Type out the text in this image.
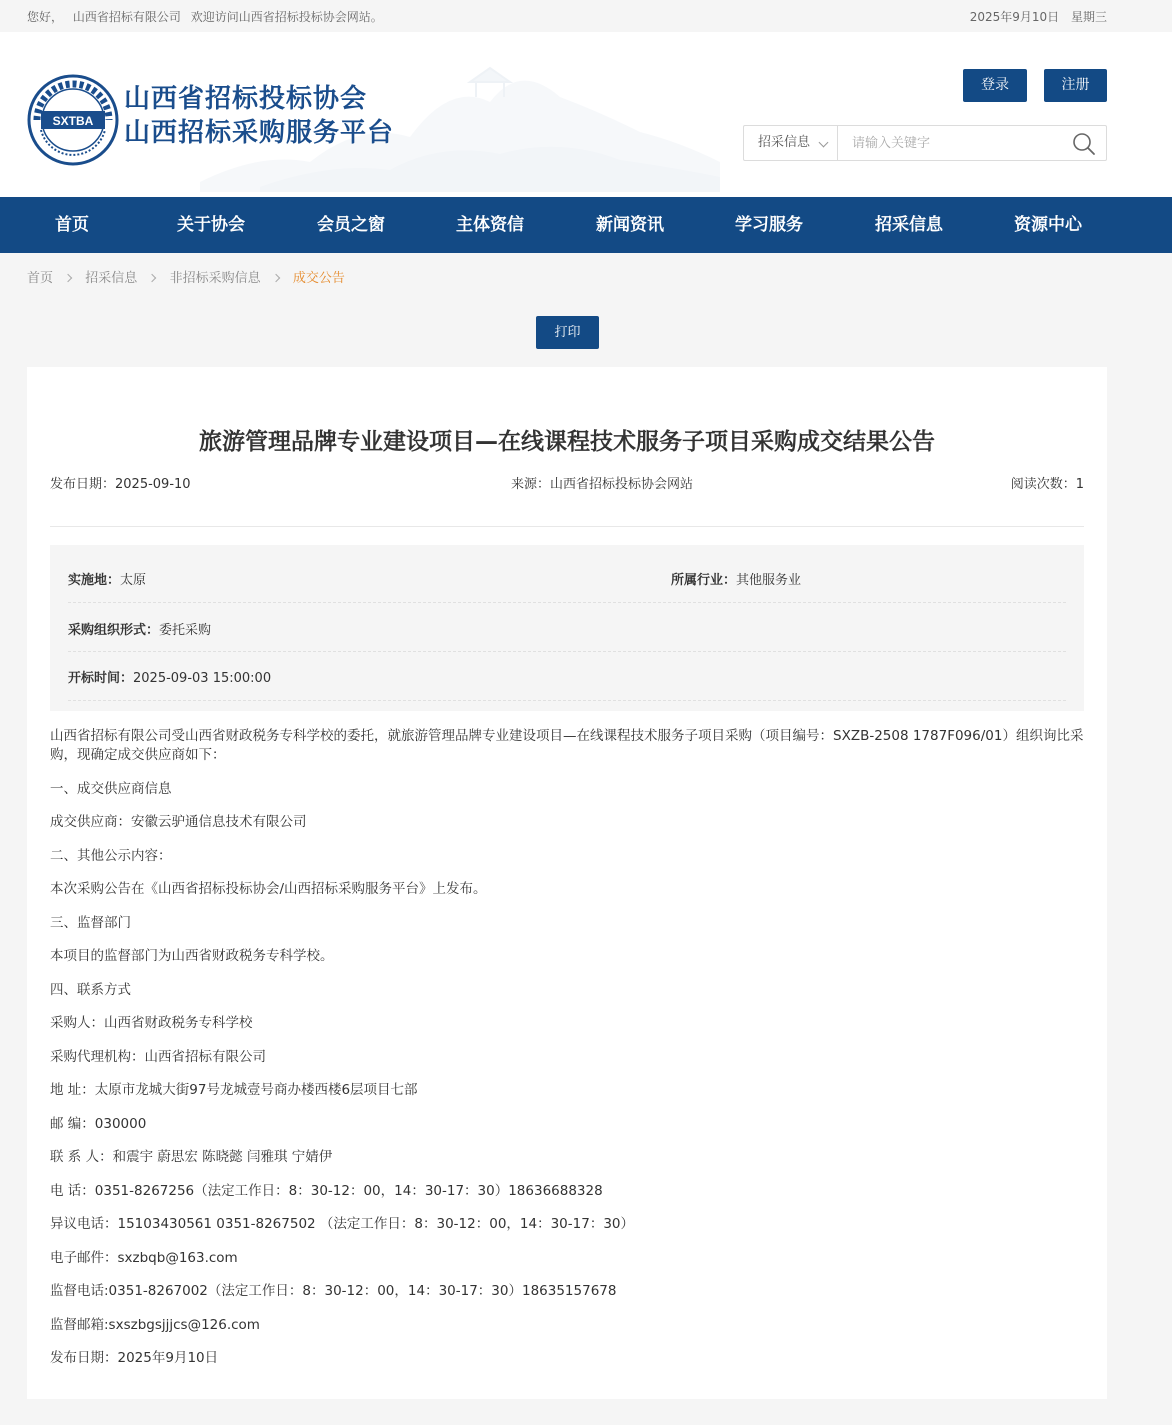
您好， 山西省招标有限公司 欢迎访问山西省招标投标协会网站。	2025年9月10日 星期三
SXTBA
山西省招标投标协会
山西招标采购服务平台
登录	注册
招采信息
请输入关键字
首页	关于协会	会员之窗	主体资信	新闻资讯	学习服务	招采信息	资源中心
首页 招采信息 非招标采购信息 成交公告
打印
旅游管理品牌专业建设项目—在线课程技术服务子项目采购成交结果公告
发布日期：2025-09-10	来源：山西省招标投标协会网站	阅读次数：1
实施地：太原	所属行业：其他服务业
采购组织形式：委托采购
开标时间：2025-09-03 15:00:00

山西省招标有限公司受山西省财政税务专科学校的委托，就旅游管理品牌专业建设项目—在线课程技术服务子项目采购（项目编号：SXZB-2508 1787F096/01）组织询比采购，现确定成交供应商如下：

一、成交供应商信息

成交供应商：安徽云驴通信息技术有限公司

二、其他公示内容：

本次采购公告在《山西省招标投标协会/山西招标采购服务平台》上发布。

三、监督部门

本项目的监督部门为山西省财政税务专科学校。

四、联系方式

采购人：山西省财政税务专科学校

采购代理机构：山西省招标有限公司

地 址：太原市龙城大街97号龙城壹号商办楼西楼6层项目七部

邮 编：030000

联 系 人：和震宇 蔚思宏 陈晓懿 闫雅琪 宁婧伊

电 话：0351-8267256（法定工作日：8：30-12：00，14：30-17：30）18636688328

异议电话：15103430561 0351-8267502 （法定工作日：8：30-12：00，14：30-17：30）

电子邮件：sxzbqb@163.com

监督电话:0351-8267002（法定工作日：8：30-12：00，14：30-17：30）18635157678

监督邮箱:sxszbgsjjjcs@126.com

发布日期：2025年9月10日
